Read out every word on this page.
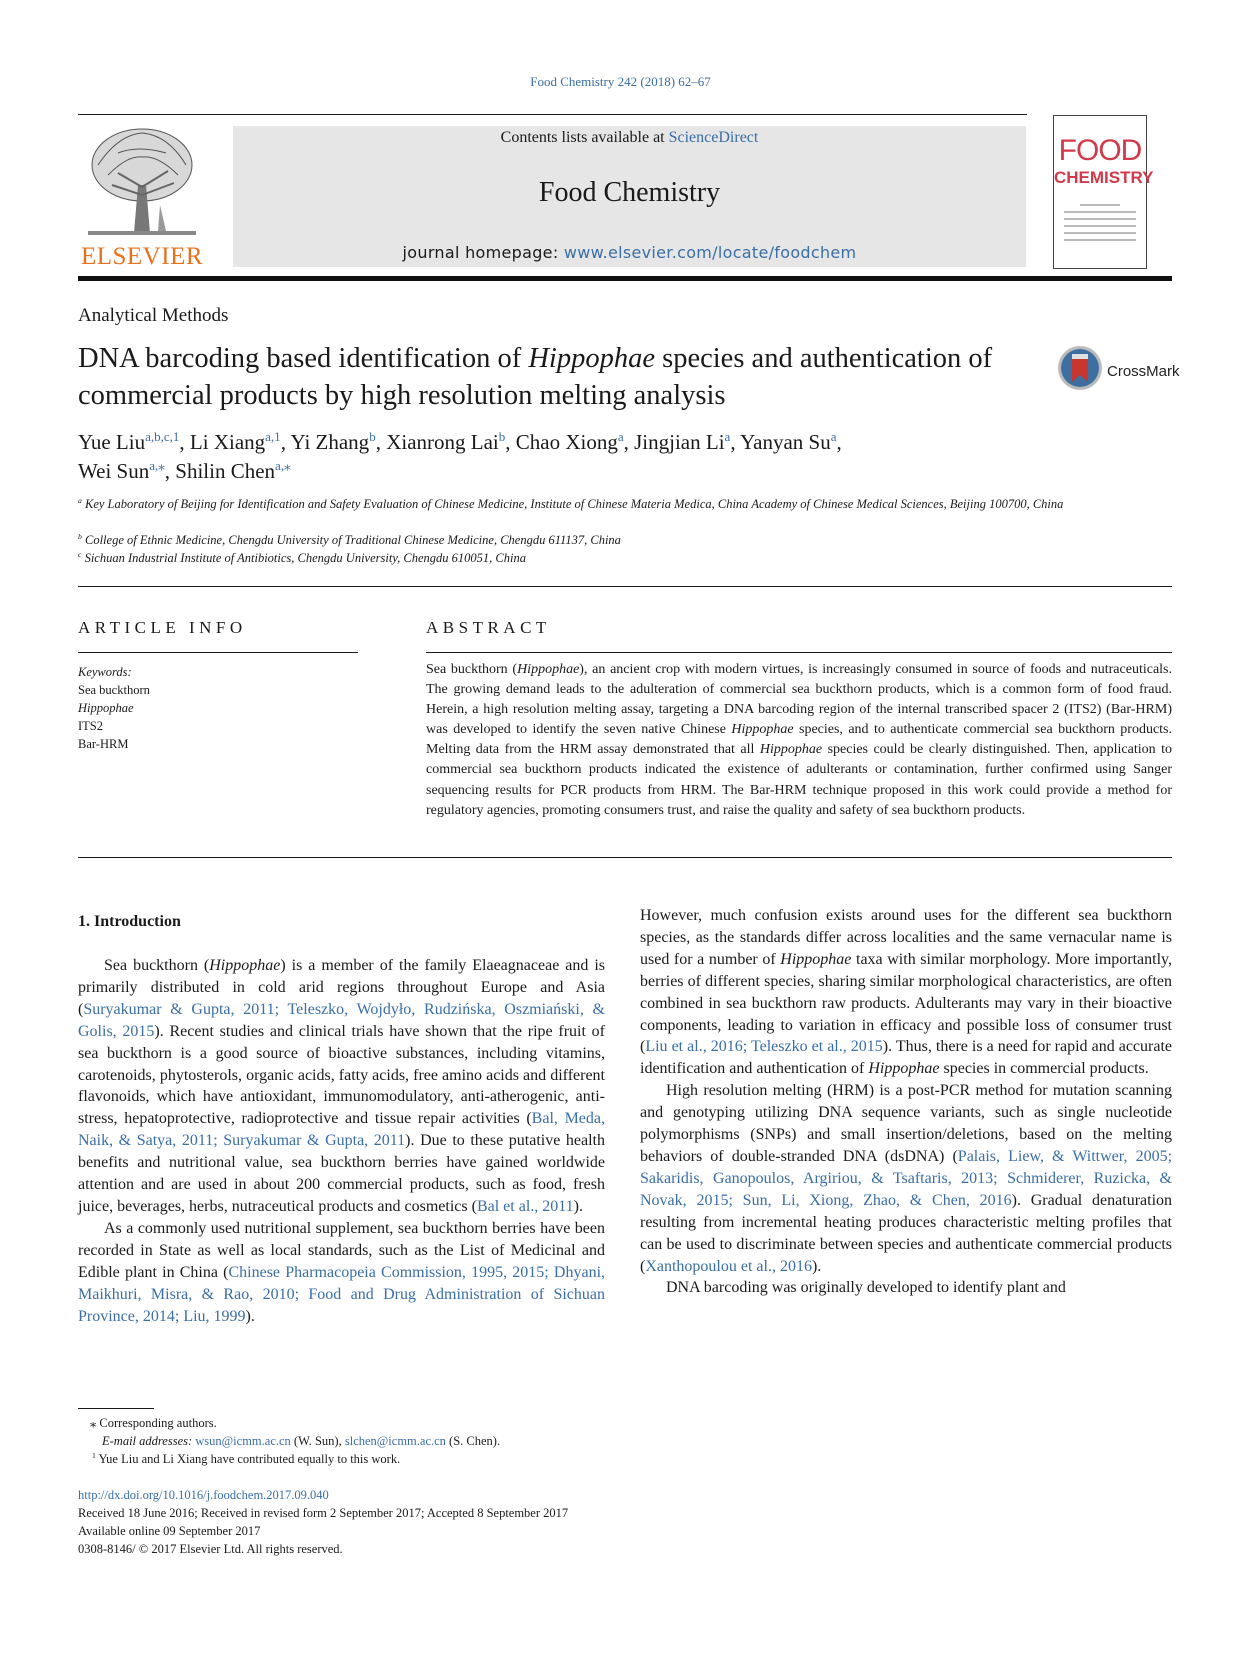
Food Chemistry 242 (2018) 62–67
ELSEVIER
Contents lists available at ScienceDirect
Food Chemistry
journal homepage: www.elsevier.com/locate/foodchem
FOOD
CHEMISTRY
Analytical Methods
DNA barcoding based identification of Hippophae species and authentication of commercial products by high resolution melting analysis
CrossMark
Yue Liu$^{a,b,c,1}$, Li Xiang$^{a,1}$, Yi Zhang$^b$, Xianrong Lai$^b$, Chao Xiong$^a$, Jingjian Li$^a$, Yanyan Su$^a$,
Wei Sun$^{a,⁎}$, Shilin Chen$^{a,⁎}$
$^a$ Key Laboratory of Beijing for Identification and Safety Evaluation of Chinese Medicine, Institute of Chinese Materia Medica, China Academy of Chinese Medical Sciences, Beijing 100700, China
$^b$ College of Ethnic Medicine, Chengdu University of Traditional Chinese Medicine, Chengdu 611137, China
$^c$ Sichuan Industrial Institute of Antibiotics, Chengdu University, Chengdu 610051, China
ARTICLE INFO	ABSTRACT
Keywords:
Sea buckthorn
Hippophae
ITS2
Bar-HRM
Sea buckthorn (Hippophae), an ancient crop with modern virtues, is increasingly consumed in source of foods and nutraceuticals. The growing demand leads to the adulteration of commercial sea buckthorn products, which is a common form of food fraud. Herein, a high resolution melting assay, targeting a DNA barcoding region of the internal transcribed spacer 2 (ITS2) (Bar-HRM) was developed to identify the seven native Chinese Hippophae species, and to authenticate commercial sea buckthorn products. Melting data from the HRM assay demonstrated that all Hippophae species could be clearly distinguished. Then, application to commercial sea buckthorn products indicated the existence of adulterants or contamination, further confirmed using Sanger sequencing results for PCR products from HRM. The Bar-HRM technique proposed in this work could provide a method for regulatory agencies, promoting consumers trust, and raise the quality and safety of sea buckthorn products.
1. Introduction

Sea buckthorn (Hippophae) is a member of the family Elaeagnaceae and is primarily distributed in cold arid regions throughout Europe and Asia (Suryakumar & Gupta, 2011; Teleszko, Wojdyło, Rudzińska, Oszmiański, & Golis, 2015). Recent studies and clinical trials have shown that the ripe fruit of sea buckthorn is a good source of bioactive substances, including vitamins, carotenoids, phytosterols, organic acids, fatty acids, free amino acids and different flavonoids, which have antioxidant, immunomodulatory, anti-atherogenic, anti-stress, hepatoprotective, radioprotective and tissue repair activities (Bal, Meda, Naik, & Satya, 2011; Suryakumar & Gupta, 2011). Due to these putative health benefits and nutritional value, sea buckthorn berries have gained worldwide attention and are used in about 200 commercial products, such as food, fresh juice, beverages, herbs, nutraceutical products and cosmetics (Bal et al., 2011).

As a commonly used nutritional supplement, sea buckthorn berries have been recorded in State as well as local standards, such as the List of Medicinal and Edible plant in China (Chinese Pharmacopeia Commission, 1995, 2015; Dhyani, Maikhuri, Misra, & Rao, 2010; Food and Drug Administration of Sichuan Province, 2014; Liu, 1999).

However, much confusion exists around uses for the different sea buckthorn species, as the standards differ across localities and the same vernacular name is used for a number of Hippophae taxa with similar morphology. More importantly, berries of different species, sharing similar morphological characteristics, are often combined in sea buckthorn raw products. Adulterants may vary in their bioactive components, leading to variation in efficacy and possible loss of consumer trust (Liu et al., 2016; Teleszko et al., 2015). Thus, there is a need for rapid and accurate identification and authentication of Hippophae species in commercial products.

High resolution melting (HRM) is a post-PCR method for mutation scanning and genotyping utilizing DNA sequence variants, such as single nucleotide polymorphisms (SNPs) and small insertion/deletions, based on the melting behaviors of double-stranded DNA (dsDNA) (Palais, Liew, & Wittwer, 2005; Sakaridis, Ganopoulos, Argiriou, & Tsaftaris, 2013; Schmiderer, Ruzicka, & Novak, 2015; Sun, Li, Xiong, Zhao, & Chen, 2016). Gradual denaturation resulting from incremental heating produces characteristic melting profiles that can be used to discriminate between species and authenticate commercial products (Xanthopoulou et al., 2016).

DNA barcoding was originally developed to identify plant and

⁎ Corresponding authors.
E-mail addresses: wsun@icmm.ac.cn (W. Sun), slchen@icmm.ac.cn (S. Chen).
$^1$ Yue Liu and Li Xiang have contributed equally to this work.
http://dx.doi.org/10.1016/j.foodchem.2017.09.040
Received 18 June 2016; Received in revised form 2 September 2017; Accepted 8 September 2017
Available online 09 September 2017
0308-8146/ © 2017 Elsevier Ltd. All rights reserved.
